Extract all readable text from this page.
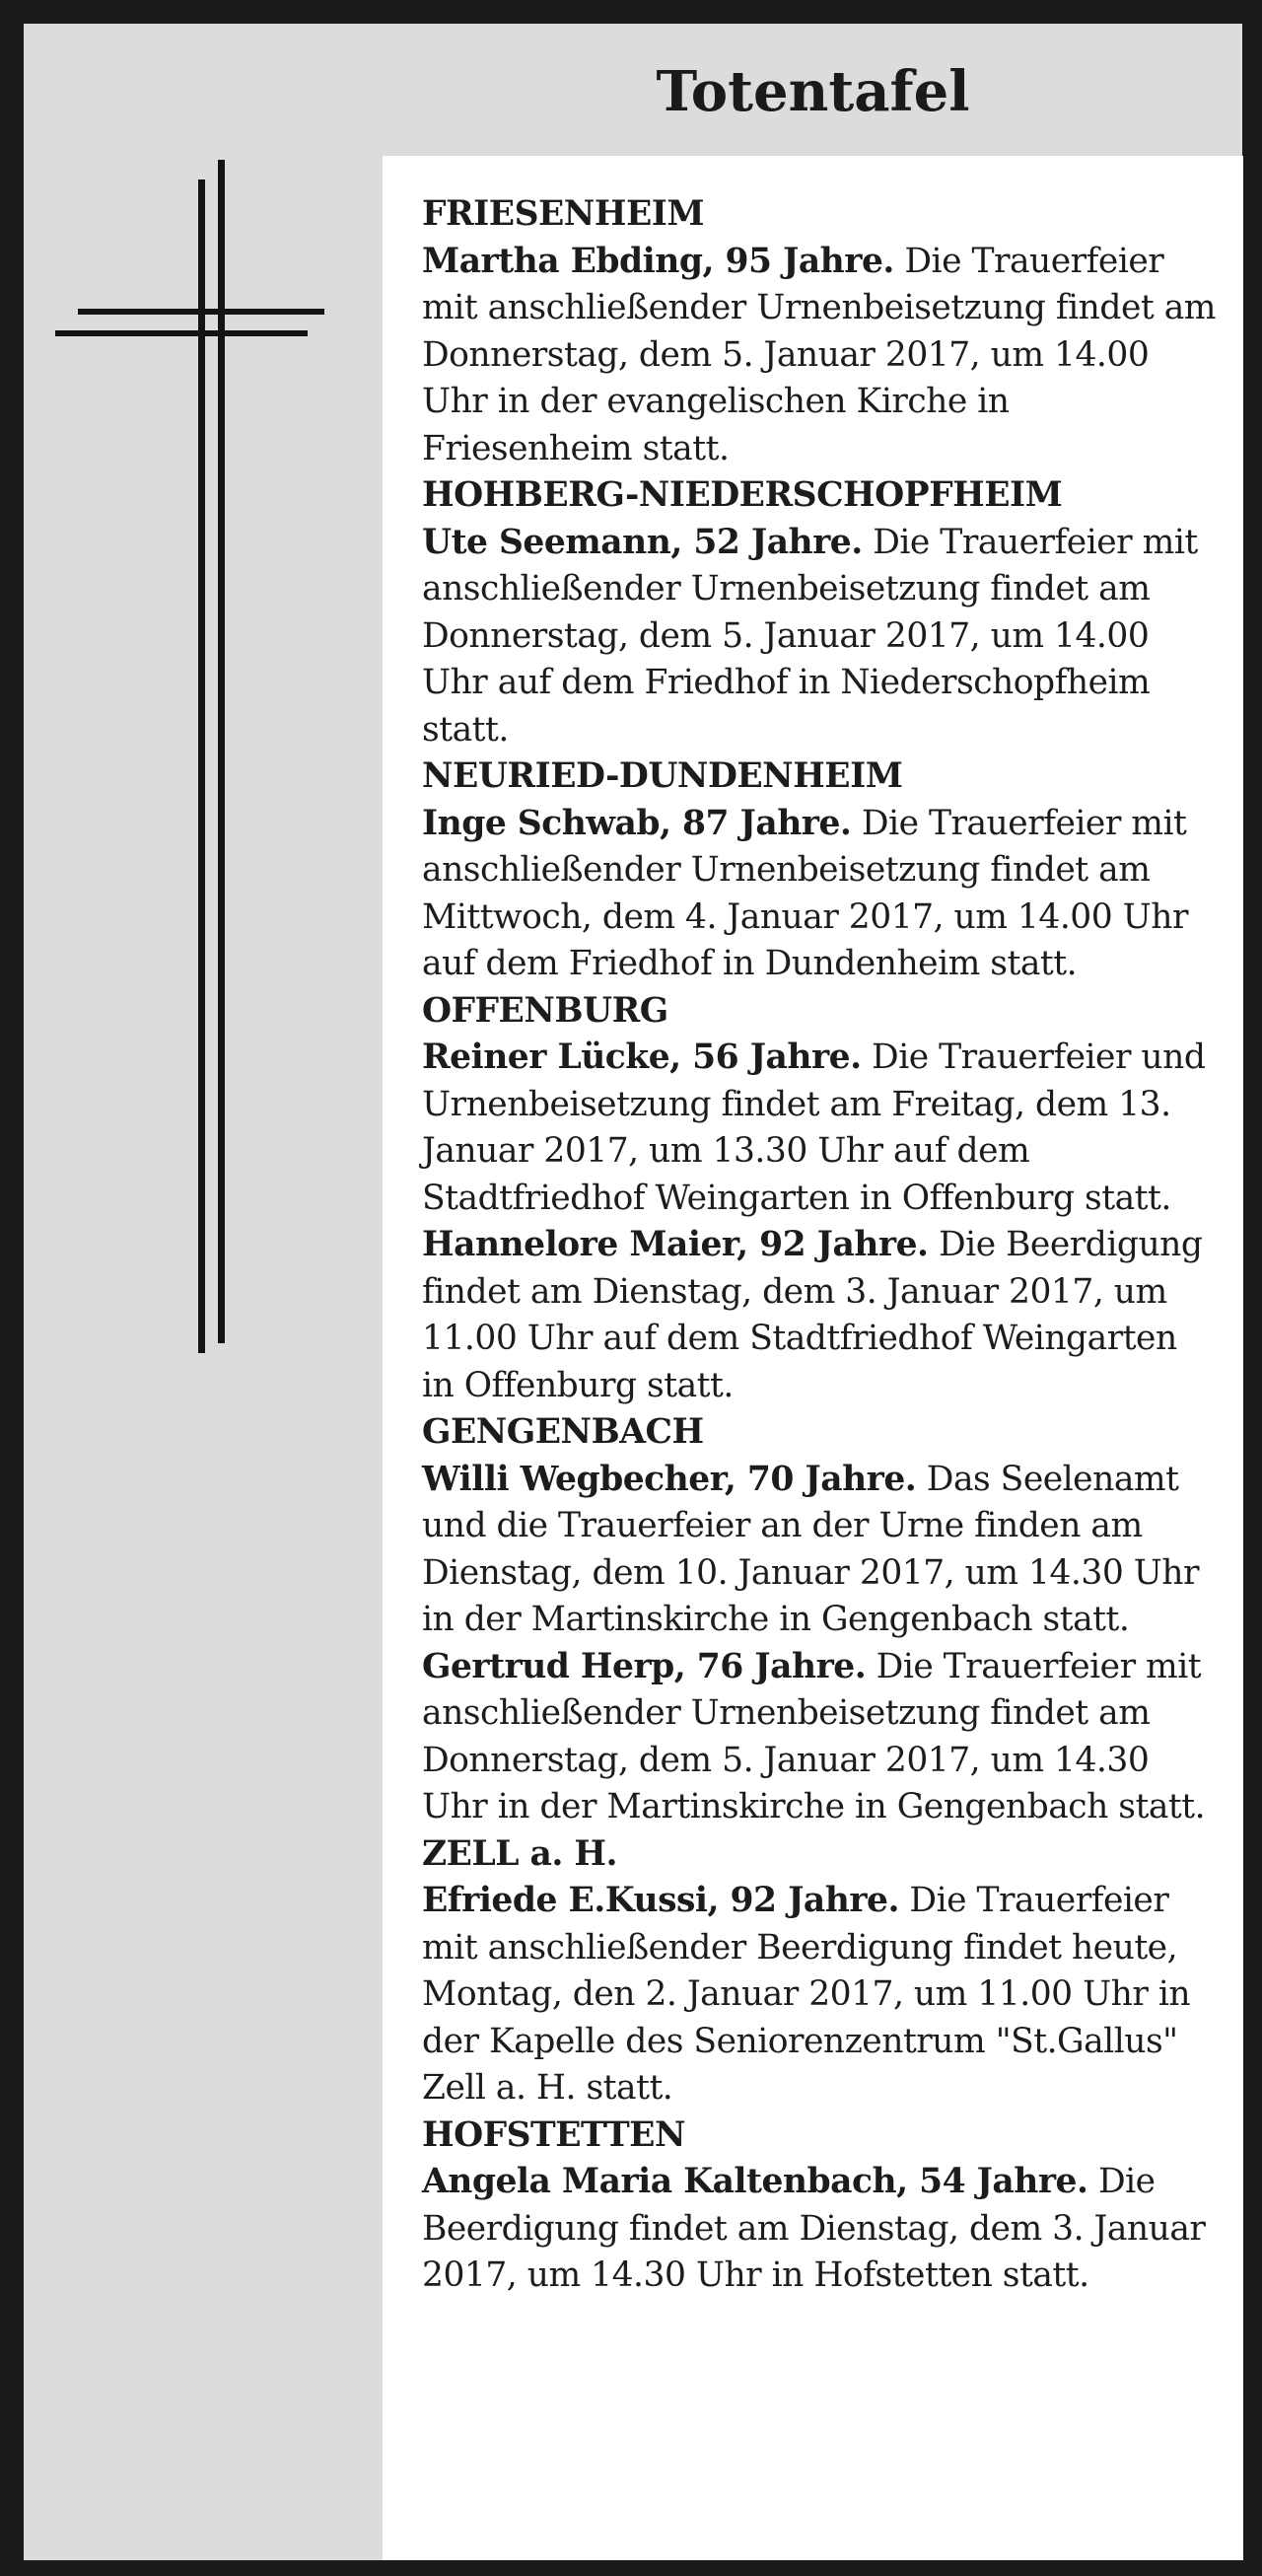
Totentafel

FRIESENHEIM

Martha Ebding, 95 Jahre. Die Trauerfeier mit anschließender Urnenbeisetzung findet am Donnerstag, dem 5. Januar 2017, um 14.00 Uhr in der evangelischen Kirche in Friesenheim statt.

HOHBERG-NIEDERSCHOPFHEIM

Ute Seemann, 52 Jahre. Die Trauerfeier mit anschließender Urnenbeisetzung findet am Donnerstag, dem 5. Januar 2017, um 14.00 Uhr auf dem Friedhof in Niederschopfheim statt.

NEURIED-DUNDENHEIM

Inge Schwab, 87 Jahre. Die Trauerfeier mit anschließender Urnenbeisetzung findet am Mittwoch, dem 4. Januar 2017, um 14.00 Uhr auf dem Friedhof in Dundenheim statt.

OFFENBURG

Reiner Lücke, 56 Jahre. Die Trauerfeier und Urnenbeisetzung findet am Freitag, dem 13. Januar 2017, um 13.30 Uhr auf dem Stadtfriedhof Weingarten in Offenburg statt.

Hannelore Maier, 92 Jahre. Die Beerdigung findet am Dienstag, dem 3. Januar 2017, um 11.00 Uhr auf dem Stadtfriedhof Weingarten in Offenburg statt.

GENGENBACH

Willi Wegbecher, 70 Jahre. Das Seelenamt und die Trauerfeier an der Urne finden am Dienstag, dem 10. Januar 2017, um 14.30 Uhr in der Martinskirche in Gengenbach statt.

Gertrud Herp, 76 Jahre. Die Trauerfeier mit anschließender Urnenbeisetzung findet am Donnerstag, dem 5. Januar 2017, um 14.30 Uhr in der Martinskirche in Gengenbach statt.

ZELL a. H.

Efriede E.Kussi, 92 Jahre. Die Trauerfeier mit anschließender Beerdigung findet heute, Montag, den 2. Januar 2017, um 11.00 Uhr in der Kapelle des Seniorenzentrum "St.Gallus" Zell a. H. statt.

HOFSTETTEN

Angela Maria Kaltenbach, 54 Jahre. Die Beerdigung findet am Dienstag, dem 3. Januar 2017, um 14.30 Uhr in Hofstetten statt.
